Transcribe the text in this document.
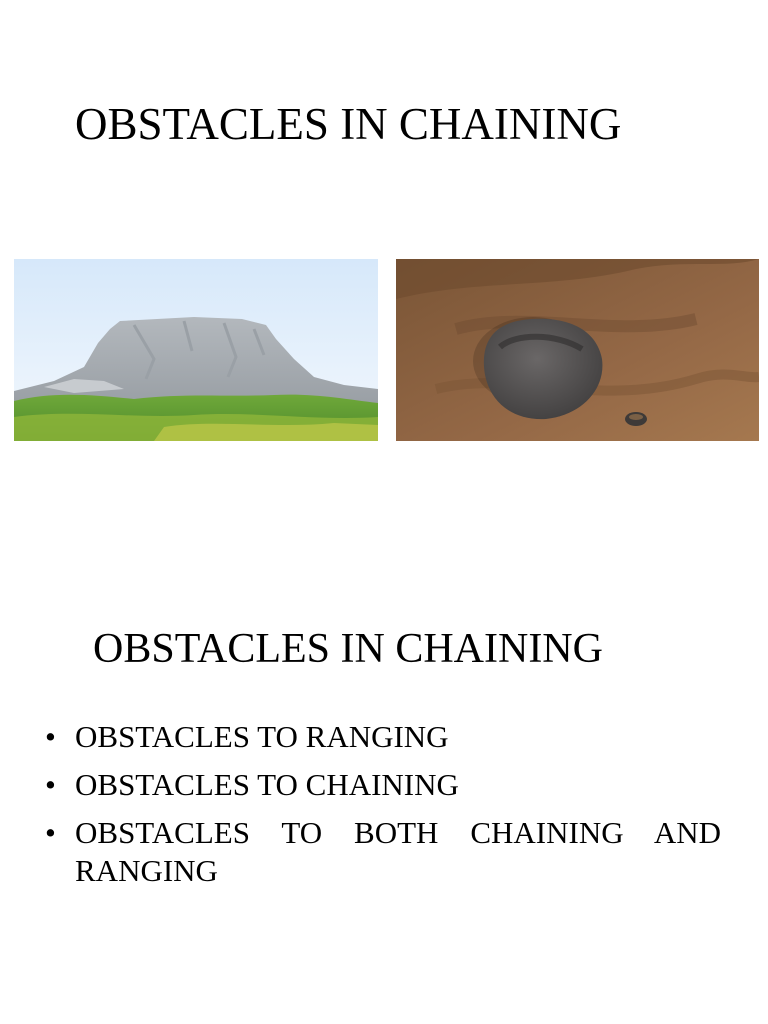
OBSTACLES IN CHAINING
OBSTACLES IN CHAINING
• OBSTACLES TO RANGING
• OBSTACLES TO CHAINING
• OBSTACLES TO BOTH CHAINING AND RANGING
